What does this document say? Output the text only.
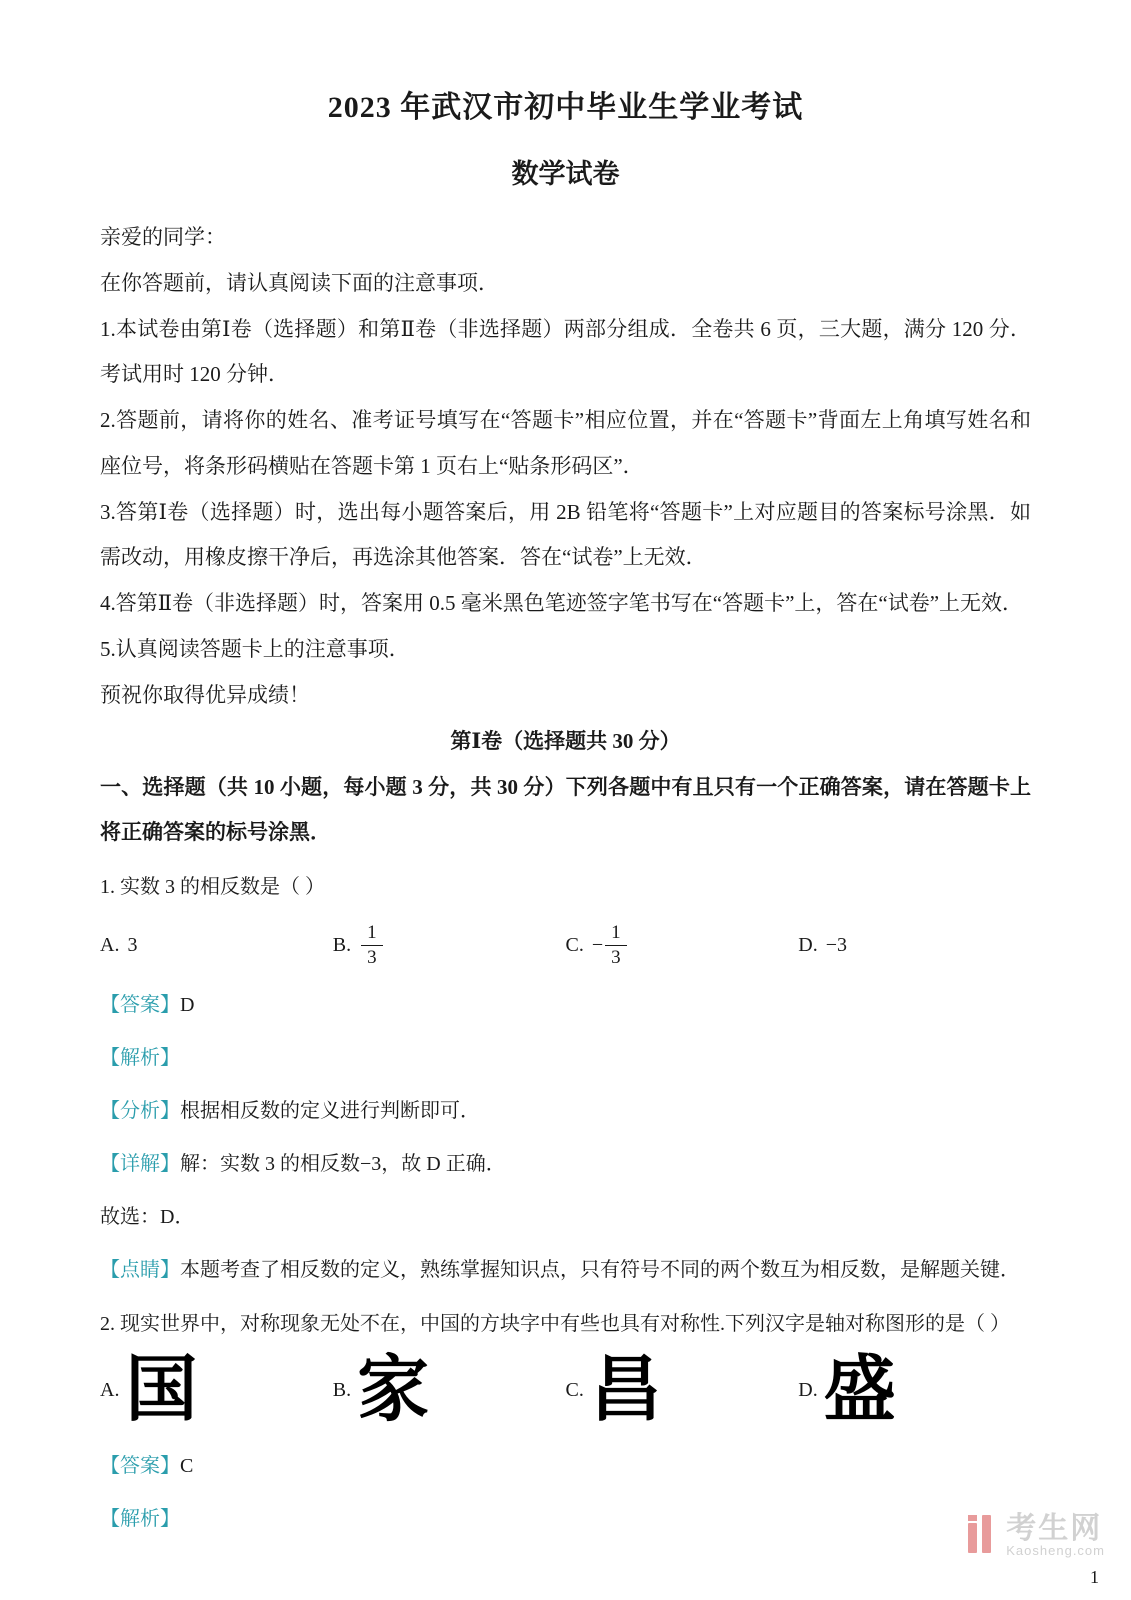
2023 年武汉市初中毕业生学业考试
数学试卷

亲爱的同学：

在你答题前，请认真阅读下面的注意事项．

1.本试卷由第Ⅰ卷（选择题）和第Ⅱ卷（非选择题）两部分组成．全卷共 6 页，三大题，满分 120 分．考试用时 120 分钟．

2.答题前，请将你的姓名、准考证号填写在“答题卡”相应位置，并在“答题卡”背面左上角填写姓名和座位号，将条形码横贴在答题卡第 1 页右上“贴条形码区”．

3.答第Ⅰ卷（选择题）时，选出每小题答案后，用 2B 铅笔将“答题卡”上对应题目的答案标号涂黑．如需改动，用橡皮擦干净后，再选涂其他答案．答在“试卷”上无效．

4.答第Ⅱ卷（非选择题）时，答案用 0.5 毫米黑色笔迹签字笔书写在“答题卡”上，答在“试卷”上无效．

5.认真阅读答题卡上的注意事项．

预祝你取得优异成绩！

第Ⅰ卷（选择题共 30 分）

一、选择题（共 10 小题，每小题 3 分，共 30 分）下列各题中有且只有一个正确答案，请在答题卡上将正确答案的标号涂黑．

1. 实数 3 的相反数是（ ）

A. 3	B. $\frac{1}{3}$	C. − $\frac{1}{3}$	D. −3

【答案】D

【解析】

【分析】根据相反数的定义进行判断即可．

【详解】解：实数 3 的相反数−3，故 D 正确．

故选：D．

【点睛】本题考查了相反数的定义，熟练掌握知识点，只有符号不同的两个数互为相反数，是解题关键．

2. 现实世界中，对称现象无处不在，中国的方块字中有些也具有对称性.下列汉字是轴对称图形的是（ ）

A. 国	B. 家	C. 昌	D. 盛

【答案】C

【解析】	考生网
Kaosheng.com
1
